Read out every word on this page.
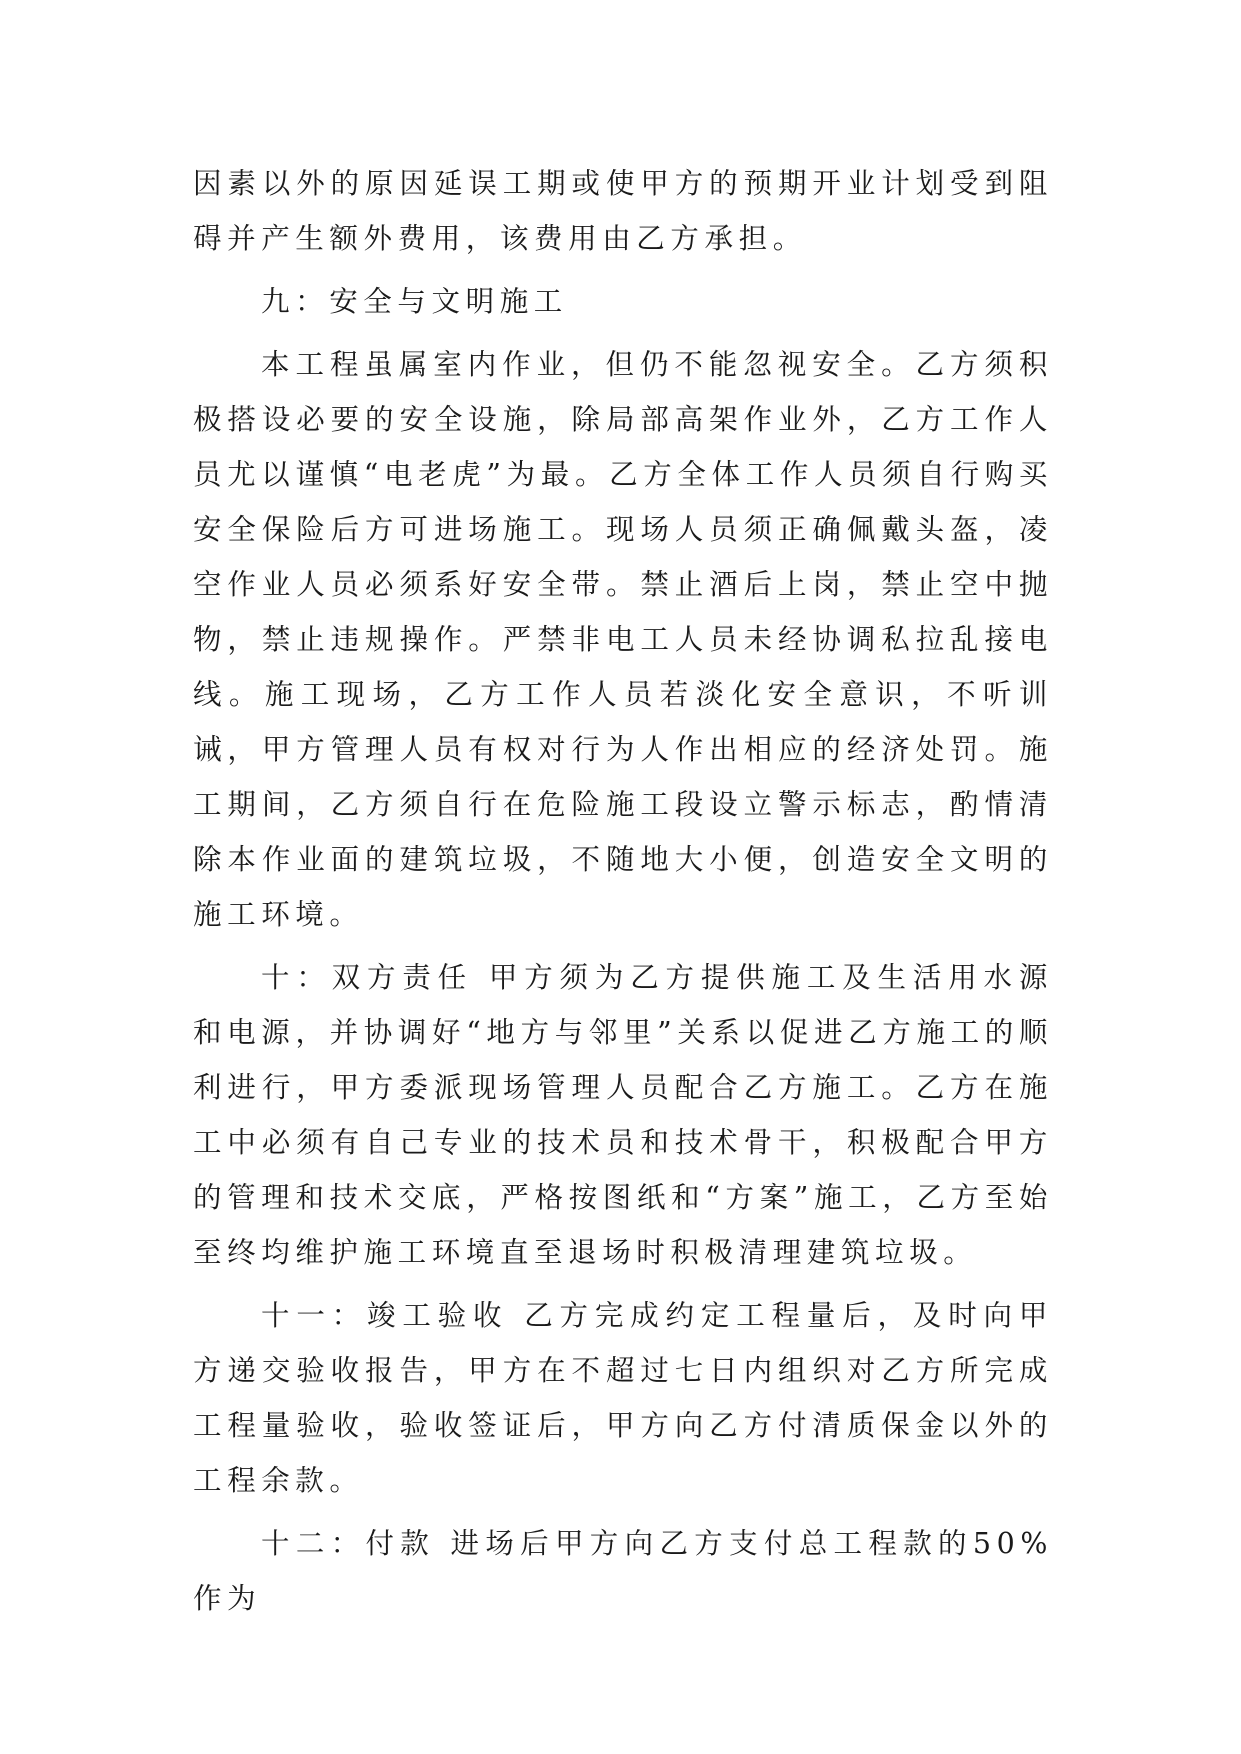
因素以外的原因延误工期或使甲方的预期开业计划受到阻碍并产生额外费用，该费用由乙方承担。

九：安全与文明施工

本工程虽属室内作业，但仍不能忽视安全。乙方须积极搭设必要的安全设施，除局部高架作业外，乙方工作人员尤以谨慎“电老虎”为最。乙方全体工作人员须自行购买安全保险后方可进场施工。现场人员须正确佩戴头盔，凌空作业人员必须系好安全带。禁止酒后上岗，禁止空中抛物，禁止违规操作。严禁非电工人员未经协调私拉乱接电线。施工现场，乙方工作人员若淡化安全意识，不听训诫，甲方管理人员有权对行为人作出相应的经济处罚。施工期间，乙方须自行在危险施工段设立警示标志，酌情清除本作业面的建筑垃圾，不随地大小便，创造安全文明的施工环境。

十：双方责任 甲方须为乙方提供施工及生活用水源和电源，并协调好“地方与邻里”关系以促进乙方施工的顺利进行，甲方委派现场管理人员配合乙方施工。乙方在施工中必须有自己专业的技术员和技术骨干，积极配合甲方的管理和技术交底，严格按图纸和“方案”施工，乙方至始至终均维护施工环境直至退场时积极清理建筑垃圾。

十一：竣工验收 乙方完成约定工程量后，及时向甲方递交验收报告，甲方在不超过七日内组织对乙方所完成工程量验收，验收签证后，甲方向乙方付清质保金以外的工程余款。

十二：付款 进场后甲方向乙方支付总工程款的50%作为
